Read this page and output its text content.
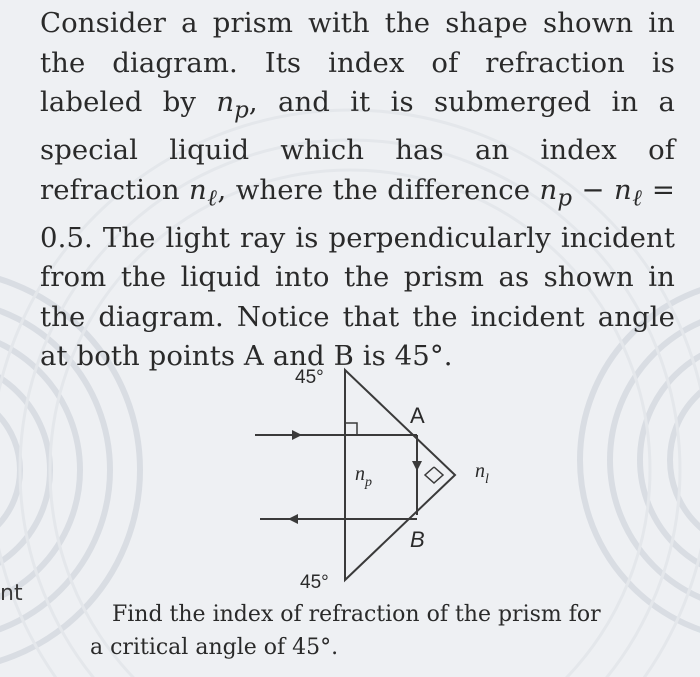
Consider a prism with the shape shown in the diagram. Its index of refraction is labeled by $n_p$, and it is submerged in a special liquid which has an index of refraction $n_\ell$, where the difference $n_p - n_\ell = 0.5$. The light ray is perpendicularly incident from the liquid into the prism as shown in the diagram. Notice that the incident angle at both points A and B is 45°.

45°
A
B
$n_p$
$n_l$
45°
nt
Find the index of refraction of the prism for
a critical angle of 45°.
